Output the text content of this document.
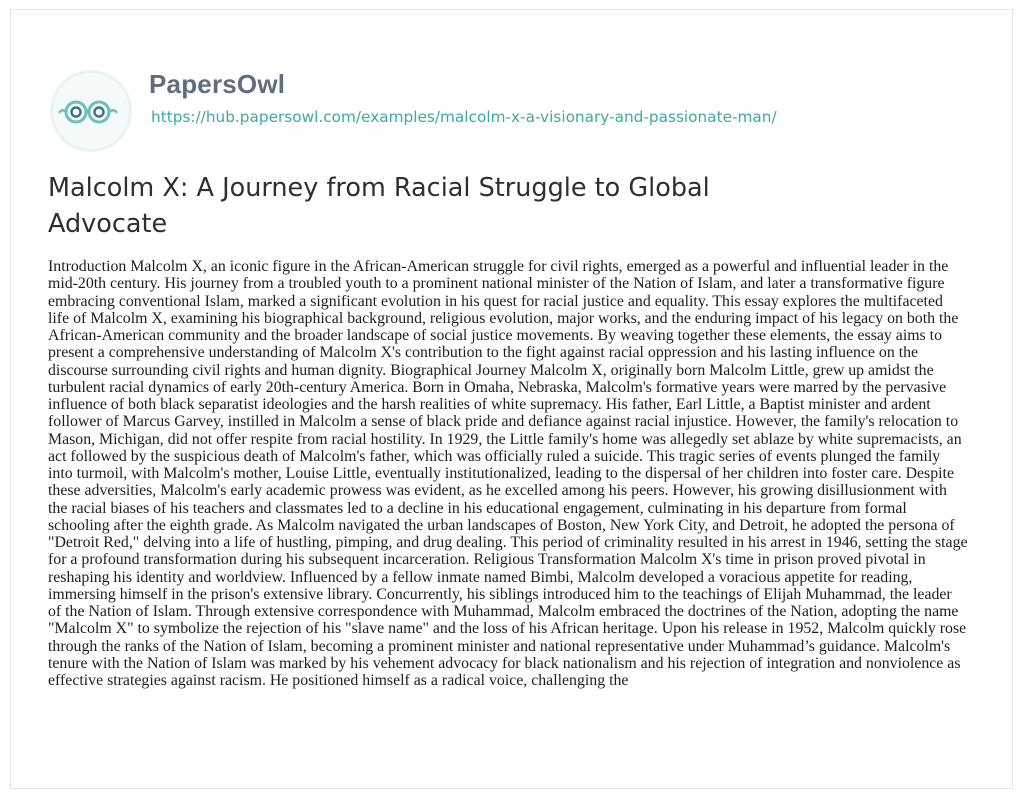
PapersOwl
https://hub.papersowl.com/examples/malcolm-x-a-visionary-and-passionate-man/
Malcolm X: A Journey from Racial Struggle to Global Advocate

Introduction Malcolm X, an iconic figure in the African-American struggle for civil rights, emerged as a powerful and influential leader in the
mid-20th century. His journey from a troubled youth to a prominent national minister of the Nation of Islam, and later a transformative figure
embracing conventional Islam, marked a significant evolution in his quest for racial justice and equality. This essay explores the multifaceted
life of Malcolm X, examining his biographical background, religious evolution, major works, and the enduring impact of his legacy on both the
African-American community and the broader landscape of social justice movements. By weaving together these elements, the essay aims to
present a comprehensive understanding of Malcolm X's contribution to the fight against racial oppression and his lasting influence on the
discourse surrounding civil rights and human dignity. Biographical Journey Malcolm X, originally born Malcolm Little, grew up amidst the
turbulent racial dynamics of early 20th-century America. Born in Omaha, Nebraska, Malcolm's formative years were marred by the pervasive
influence of both black separatist ideologies and the harsh realities of white supremacy. His father, Earl Little, a Baptist minister and ardent
follower of Marcus Garvey, instilled in Malcolm a sense of black pride and defiance against racial injustice. However, the family's relocation to
Mason, Michigan, did not offer respite from racial hostility. In 1929, the Little family's home was allegedly set ablaze by white supremacists, an
act followed by the suspicious death of Malcolm's father, which was officially ruled a suicide. This tragic series of events plunged the family
into turmoil, with Malcolm's mother, Louise Little, eventually institutionalized, leading to the dispersal of her children into foster care. Despite
these adversities, Malcolm's early academic prowess was evident, as he excelled among his peers. However, his growing disillusionment with
the racial biases of his teachers and classmates led to a decline in his educational engagement, culminating in his departure from formal
schooling after the eighth grade. As Malcolm navigated the urban landscapes of Boston, New York City, and Detroit, he adopted the persona of
"Detroit Red," delving into a life of hustling, pimping, and drug dealing. This period of criminality resulted in his arrest in 1946, setting the stage
for a profound transformation during his subsequent incarceration. Religious Transformation Malcolm X's time in prison proved pivotal in
reshaping his identity and worldview. Influenced by a fellow inmate named Bimbi, Malcolm developed a voracious appetite for reading,
immersing himself in the prison's extensive library. Concurrently, his siblings introduced him to the teachings of Elijah Muhammad, the leader
of the Nation of Islam. Through extensive correspondence with Muhammad, Malcolm embraced the doctrines of the Nation, adopting the name
"Malcolm X" to symbolize the rejection of his "slave name" and the loss of his African heritage. Upon his release in 1952, Malcolm quickly rose
through the ranks of the Nation of Islam, becoming a prominent minister and national representative under Muhammad’s guidance. Malcolm's
tenure with the Nation of Islam was marked by his vehement advocacy for black nationalism and his rejection of integration and nonviolence as
effective strategies against racism. He positioned himself as a radical voice, challenging the
